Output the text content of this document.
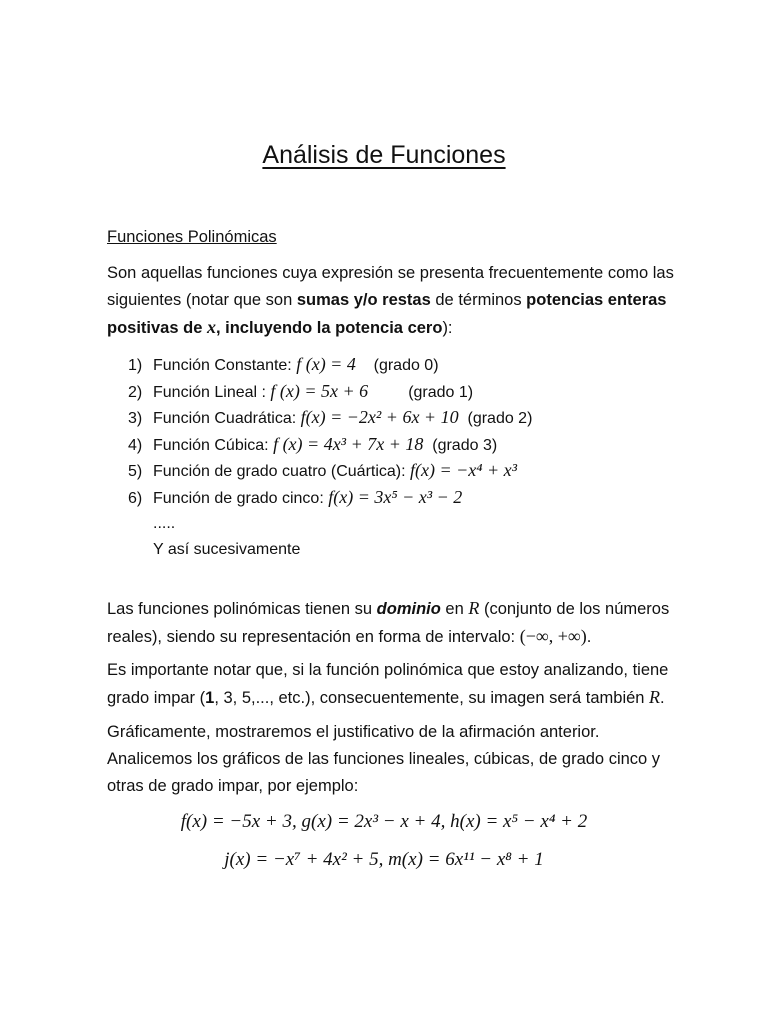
Análisis de Funciones
Funciones Polinómicas
Son aquellas funciones cuya expresión se presenta frecuentemente como las
siguientes (notar que son sumas y/o restas de términos potencias enteras
positivas de x, incluyendo la potencia cero):
1) Función Constante: f (x) = 4 (grado 0)
2) Función Lineal : f (x) = 5x + 6	(grado 1)
3) Función Cuadrática: f(x) = −2x² + 6x + 10 (grado 2)
4) Función Cúbica: f (x) = 4x³ + 7x + 18 (grado 3)
5) Función de grado cuatro (Cuártica): f(x) = −x⁴ + x³
6) Función de grado cinco: f(x) = 3x⁵ − x³ − 2
.....
Y así sucesivamente
Las funciones polinómicas tienen su dominio en R (conjunto de los números
reales), siendo su representación en forma de intervalo: (−∞, +∞).
Es importante notar que, si la función polinómica que estoy analizando, tiene
grado impar (1, 3, 5,..., etc.), consecuentemente, su imagen será también R.
Gráficamente, mostraremos el justificativo de la afirmación anterior.
Analicemos los gráficos de las funciones lineales, cúbicas, de grado cinco y
otras de grado impar, por ejemplo:
f(x) = −5x + 3, g(x) = 2x³ − x + 4, h(x) = x⁵ − x⁴ + 2
j(x) = −x⁷ + 4x² + 5, m(x) = 6x¹¹ − x⁸ + 1
